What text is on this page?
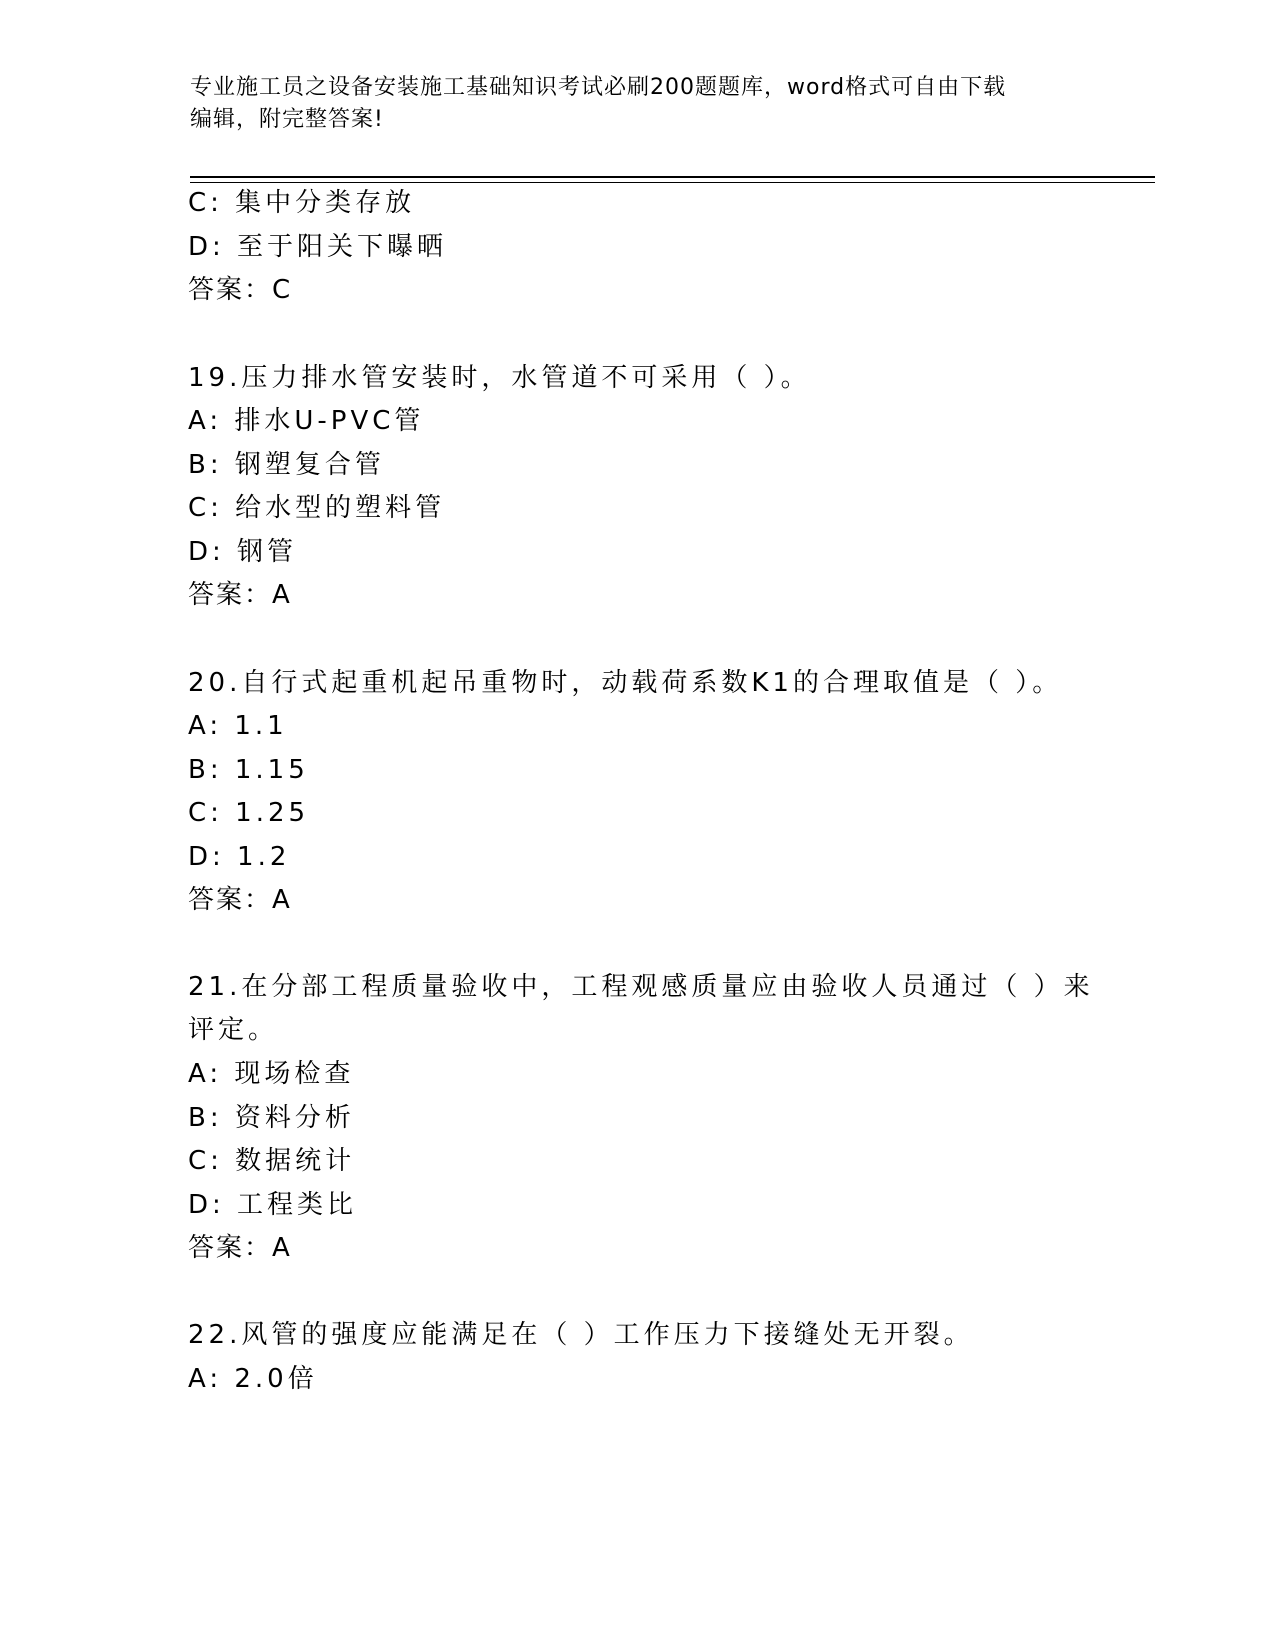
专业施工员之设备安装施工基础知识考试必刷200题题库，word格式可自由下载
编辑，附完整答案!
C: 集中分类存放
D: 至于阳关下曝晒
答案：C
19.压力排水管安装时，水管道不可采用（ ）。
A: 排水U-PVC管
B: 钢塑复合管
C: 给水型的塑料管
D: 钢管
答案：A
20.自行式起重机起吊重物时，动载荷系数K1的合理取值是（ ）。
A: 1.1
B: 1.15
C: 1.25
D: 1.2
答案：A
21.在分部工程质量验收中，工程观感质量应由验收人员通过（ ）来
评定。
A: 现场检查
B: 资料分析
C: 数据统计
D: 工程类比
答案：A
22.风管的强度应能满足在（ ）工作压力下接缝处无开裂。
A: 2.0倍
